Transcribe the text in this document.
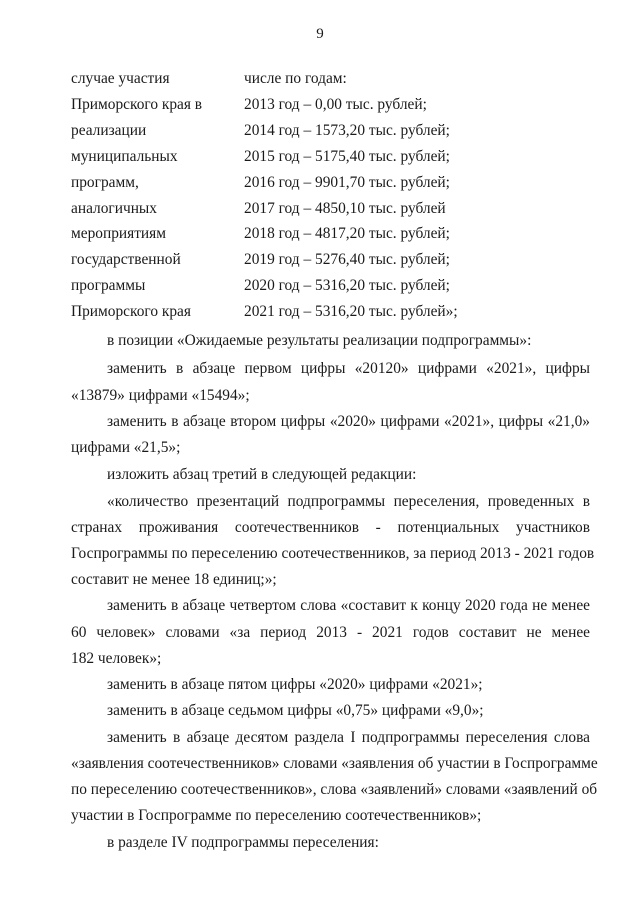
9
случае участия	числе по годам:
Приморского края в	2013 год – 0,00 тыс. рублей;
реализации	2014 год – 1573,20 тыс. рублей;
муниципальных	2015 год – 5175,40 тыс. рублей;
программ,	2016 год – 9901,70 тыс. рублей;
аналогичных	2017 год – 4850,10 тыс. рублей
мероприятиям	2018 год – 4817,20 тыс. рублей;
государственной	2019 год – 5276,40 тыс. рублей;
программы	2020 год – 5316,20 тыс. рублей;
Приморского края	2021 год – 5316,20 тыс. рублей»;
в позиции «Ожидаемые результаты реализации подпрограммы»:
заменить в абзаце первом цифры «20120» цифрами «2021», цифры
«13879» цифрами «15494»;
заменить в абзаце втором цифры «2020» цифрами «2021», цифры «21,0»
цифрами «21,5»;
изложить абзац третий в следующей редакции:
«количество презентаций подпрограммы переселения, проведенных в
странах проживания соотечественников - потенциальных участников
Госпрограммы по переселению соотечественников, за период 2013 - 2021 годов
составит не менее 18 единиц;»;
заменить в абзаце четвертом слова «составит к концу 2020 года не менее
60 человек» словами «за период 2013 - 2021 годов составит не менее
182 человек»;
заменить в абзаце пятом цифры «2020» цифрами «2021»;
заменить в абзаце седьмом цифры «0,75» цифрами «9,0»;
заменить в абзаце десятом раздела I подпрограммы переселения слова
«заявления соотечественников» словами «заявления об участии в Госпрограмме
по переселению соотечественников», слова «заявлений» словами «заявлений об
участии в Госпрограмме по переселению соотечественников»;
в разделе IV подпрограммы переселения:
